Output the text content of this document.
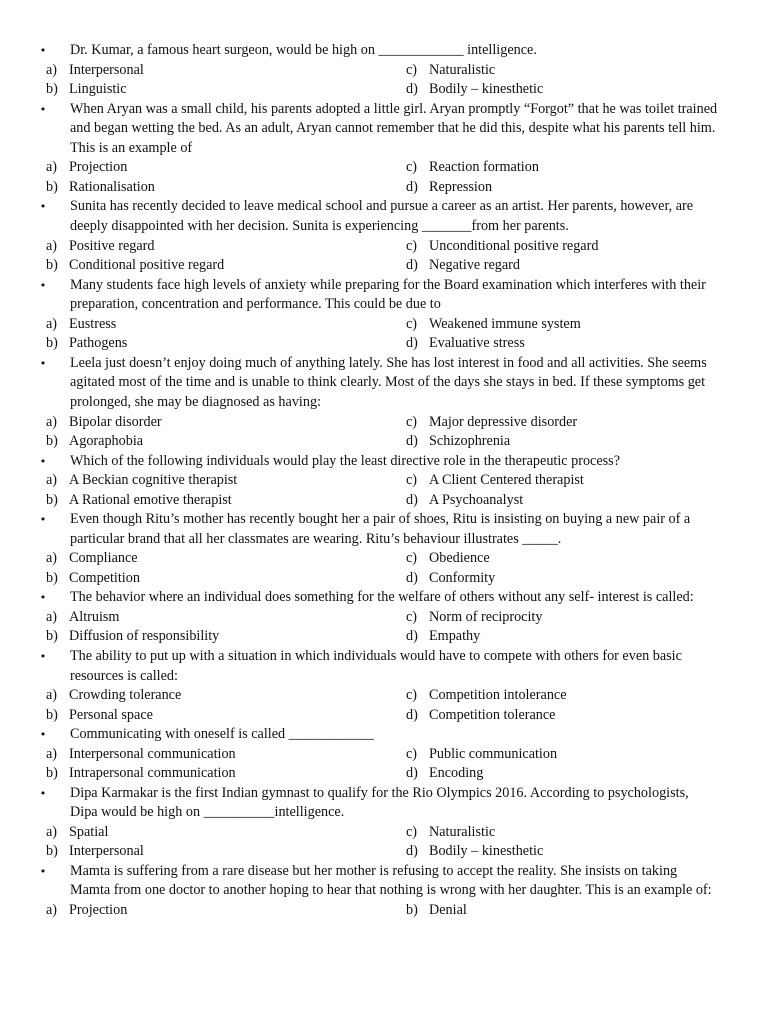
•
Dr. Kumar, a famous heart surgeon, would be high on ____________ intelligence.
a) Interpersonal	c) Naturalistic
b) Linguistic	d) Bodily – kinesthetic
•
When Aryan was a small child, his parents adopted a little girl. Aryan promptly “Forgot” that he was toilet trained and began wetting the bed. As an adult, Aryan cannot remember that he did this, despite what his parents tell him. This is an example of
a) Projection	c) Reaction formation
b) Rationalisation	d) Repression
•
Sunita has recently decided to leave medical school and pursue a career as an artist. Her parents, however, are deeply disappointed with her decision. Sunita is experiencing _______from her parents.
a) Positive regard	c) Unconditional positive regard
b) Conditional positive regard	d) Negative regard
•
Many students face high levels of anxiety while preparing for the Board examination which interferes with their preparation, concentration and performance. This could be due to
a) Eustress	c) Weakened immune system
b) Pathogens	d) Evaluative stress
•
Leela just doesn’t enjoy doing much of anything lately. She has lost interest in food and all activities. She seems agitated most of the time and is unable to think clearly. Most of the days she stays in bed. If these symptoms get prolonged, she may be diagnosed as having:
a) Bipolar disorder	c) Major depressive disorder
b) Agoraphobia	d) Schizophrenia
•
Which of the following individuals would play the least directive role in the therapeutic process?
a) A Beckian cognitive therapist	c) A Client Centered therapist
b) A Rational emotive therapist	d) A Psychoanalyst
•
Even though Ritu’s mother has recently bought her a pair of shoes, Ritu is insisting on buying a new pair of a particular brand that all her classmates are wearing. Ritu’s behaviour illustrates _____.
a) Compliance	c) Obedience
b) Competition	d) Conformity
•
The behavior where an individual does something for the welfare of others without any self- interest is called:
a) Altruism	c) Norm of reciprocity
b) Diffusion of responsibility	d) Empathy
•
The ability to put up with a situation in which individuals would have to compete with others for even basic resources is called:
a) Crowding tolerance	c) Competition intolerance
b) Personal space	d) Competition tolerance
•
Communicating with oneself is called ____________
a) Interpersonal communication	c) Public communication
b) Intrapersonal communication	d) Encoding
•
Dipa Karmakar is the first Indian gymnast to qualify for the Rio Olympics 2016. According to psychologists, Dipa would be high on __________intelligence.
a) Spatial	c) Naturalistic
b) Interpersonal	d) Bodily – kinesthetic
•
Mamta is suffering from a rare disease but her mother is refusing to accept the reality. She insists on taking Mamta from one doctor to another hoping to hear that nothing is wrong with her daughter. This is an example of:
a) Projection	b) Denial
